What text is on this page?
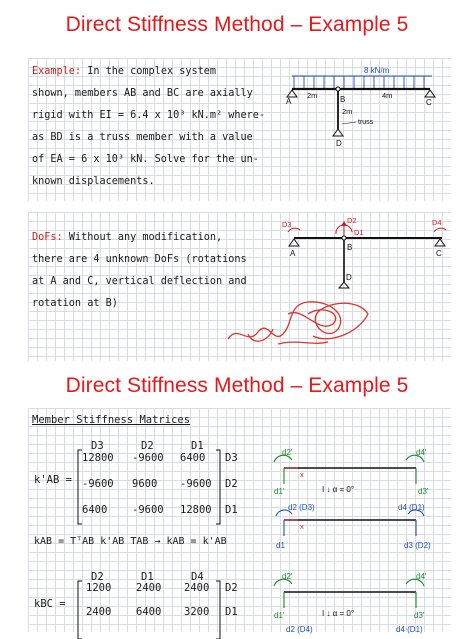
Direct Stiffness Method – Example 5
Example: In the complex system
shown, members AB and BC are axially
rigid with EI = 6.4 x 10³ kN.m² where-
as BD is a truss member with a value
of EA = 6 x 10³ kN. Solve for the un-
known displacements.
8 kN/m
A	B	C
D
2m	4m
2m
truss
DoFs: Without any modification,
there are 4 unknown DoFs (rotations
at A and C, vertical deflection and
rotation at B)
D3	D2
D1
D4
A
B
C
D
Direct Stiffness Method – Example 5
Member Stiffness Matrices
k'AB =
D3	D2	D1
12800 -9600 6400 D3
-9600 9600 -9600 D2
6400 -9600 12800 D1
kAB = TᵀAB k'AB TAB → kAB = k'AB
kBC =
D2	D1	D4
1200 2400 2400 D2
2400 6400 3200 D1
d2'	d4'
d1'	d3'
x
I ↓ α = 0°
d2 (D3)	d4 (D1)
d1	d3 (D2)
x
d2'	d4'
d1'	d3'
I ↓ α = 0°
d2 (D4)	d4 (D1)
